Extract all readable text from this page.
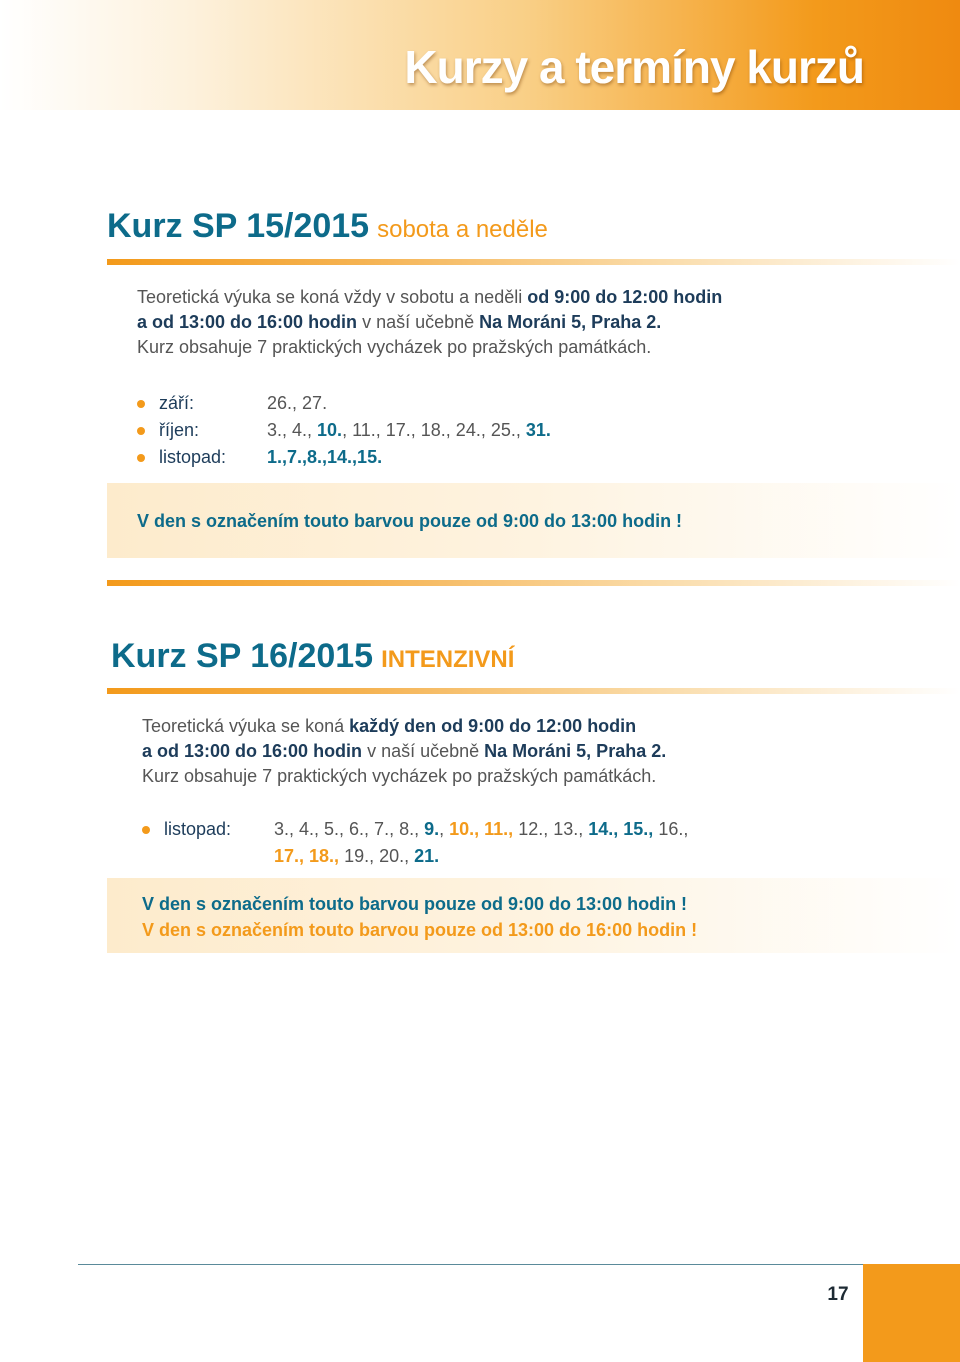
Kurzy a termíny kurzů
Kurz SP 15/2015 sobota a neděle

Teoretická výuka se koná vždy v sobotu a neděli od 9:00 do 12:00 hodin

a od 13:00 do 16:00 hodin v naší učebně Na Moráni 5, Praha 2.

Kurz obsahuje 7 praktických vycházek po pražských památkách.

září:	26., 27.
říjen:	3., 4., 10., 11., 17., 18., 24., 25., 31.
listopad:	1.,7.,8.,14.,15.
V den s označením touto barvou pouze od 9:00 do 13:00 hodin !
Kurz SP 16/2015 INTENZIVNÍ

Teoretická výuka se koná každý den od 9:00 do 12:00 hodin

a od 13:00 do 16:00 hodin v naší učebně Na Moráni 5, Praha 2.

Kurz obsahuje 7 praktických vycházek po pražských památkách.

listopad:	3., 4., 5., 6., 7., 8., 9., 10., 11., 12., 13., 14., 15., 16.,
17., 18., 19., 20., 21.
V den s označením touto barvou pouze od 9:00 do 13:00 hodin !
V den s označením touto barvou pouze od 13:00 do 16:00 hodin !
17
